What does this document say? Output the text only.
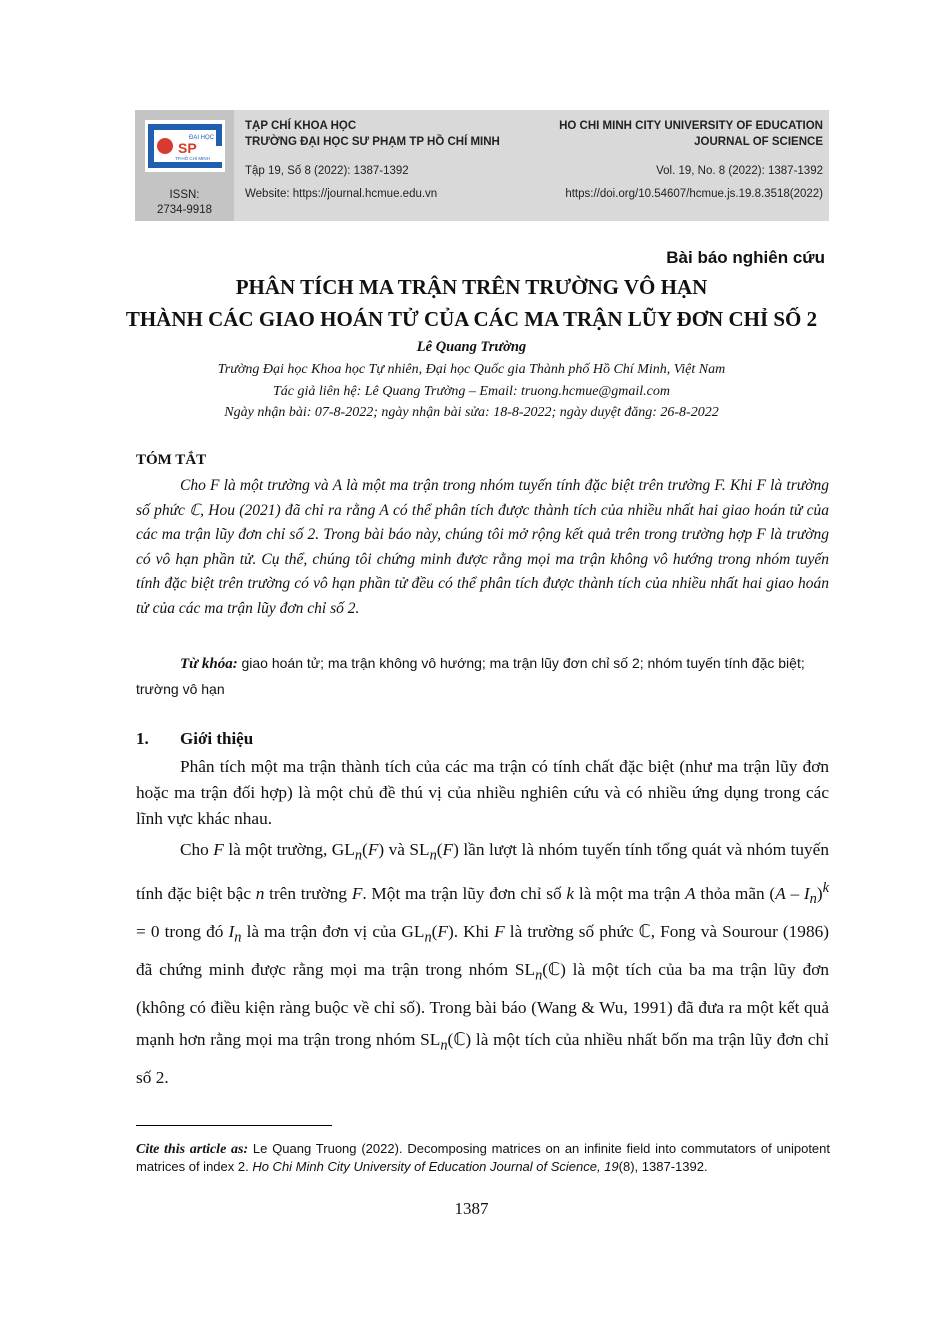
ĐẠI HỌC
SP
TP.HỒ CHÍ MINH
ISSN:
2734-9918
TẠP CHÍ KHOA HỌC
TRƯỜNG ĐẠI HỌC SƯ PHẠM TP HỒ CHÍ MINH
Tập 19, Số 8 (2022): 1387-1392
Website: https://journal.hcmue.edu.vn
HO CHI MINH CITY UNIVERSITY OF EDUCATION
JOURNAL OF SCIENCE
Vol. 19, No. 8 (2022): 1387-1392
https://doi.org/10.54607/hcmue.js.19.8.3518(2022)
Bài báo nghiên cứu
PHÂN TÍCH MA TRẬN TRÊN TRƯỜNG VÔ HẠN
THÀNH CÁC GIAO HOÁN TỬ CỦA CÁC MA TRẬN LŨY ĐƠN CHỈ SỐ 2
Lê Quang Trường
Trường Đại học Khoa học Tự nhiên, Đại học Quốc gia Thành phố Hồ Chí Minh, Việt Nam
Tác giả liên hệ: Lê Quang Trường – Email: truong.hcmue@gmail.com
Ngày nhận bài: 07-8-2022; ngày nhận bài sửa: 18-8-2022; ngày duyệt đăng: 26-8-2022
TÓM TẮT

Cho F là một trường và A là một ma trận trong nhóm tuyến tính đặc biệt trên trường F. Khi F là trường số phức ℂ, Hou (2021) đã chỉ ra rằng A có thể phân tích được thành tích của nhiều nhất hai giao hoán tử của các ma trận lũy đơn chỉ số 2. Trong bài báo này, chúng tôi mở rộng kết quả trên trong trường hợp F là trường có vô hạn phần tử. Cụ thể, chúng tôi chứng minh được rằng mọi ma trận không vô hướng trong nhóm tuyến tính đặc biệt trên trường có vô hạn phần tử đều có thể phân tích được thành tích của nhiều nhất hai giao hoán tử của các ma trận lũy đơn chỉ số 2.

Từ khóa: giao hoán tử; ma trận không vô hướng; ma trận lũy đơn chỉ số 2; nhóm tuyến tính đặc biệt; trường vô hạn
1. Giới thiệu

Phân tích một ma trận thành tích của các ma trận có tính chất đặc biệt (như ma trận lũy đơn hoặc ma trận đối hợp) là một chủ đề thú vị của nhiều nghiên cứu và có nhiều ứng dụng trong các lĩnh vực khác nhau.

Cho F là một trường, $GL_n(F)$ và $SL_n(F)$ lần lượt là nhóm tuyến tính tổng quát và nhóm tuyến tính đặc biệt bậc n trên trường F. Một ma trận lũy đơn chỉ số k là một ma trận A thỏa mãn $(A - I_n)^k = 0$ trong đó $I_n$ là ma trận đơn vị của $GL_n(F)$. Khi F là trường số phức ℂ, Fong và Sourour (1986) đã chứng minh được rằng mọi ma trận trong nhóm $SL_n(ℂ)$ là một tích của ba ma trận lũy đơn (không có điều kiện ràng buộc về chỉ số). Trong bài báo (Wang & Wu, 1991) đã đưa ra một kết quả mạnh hơn rằng mọi ma trận trong nhóm $SL_n(ℂ)$ là một tích của nhiều nhất bốn ma trận lũy đơn chỉ số 2.

Cite this article as: Le Quang Truong (2022). Decomposing matrices on an infinite field into commutators of unipotent matrices of index 2. Ho Chi Minh City University of Education Journal of Science, 19(8), 1387-1392.
1387
